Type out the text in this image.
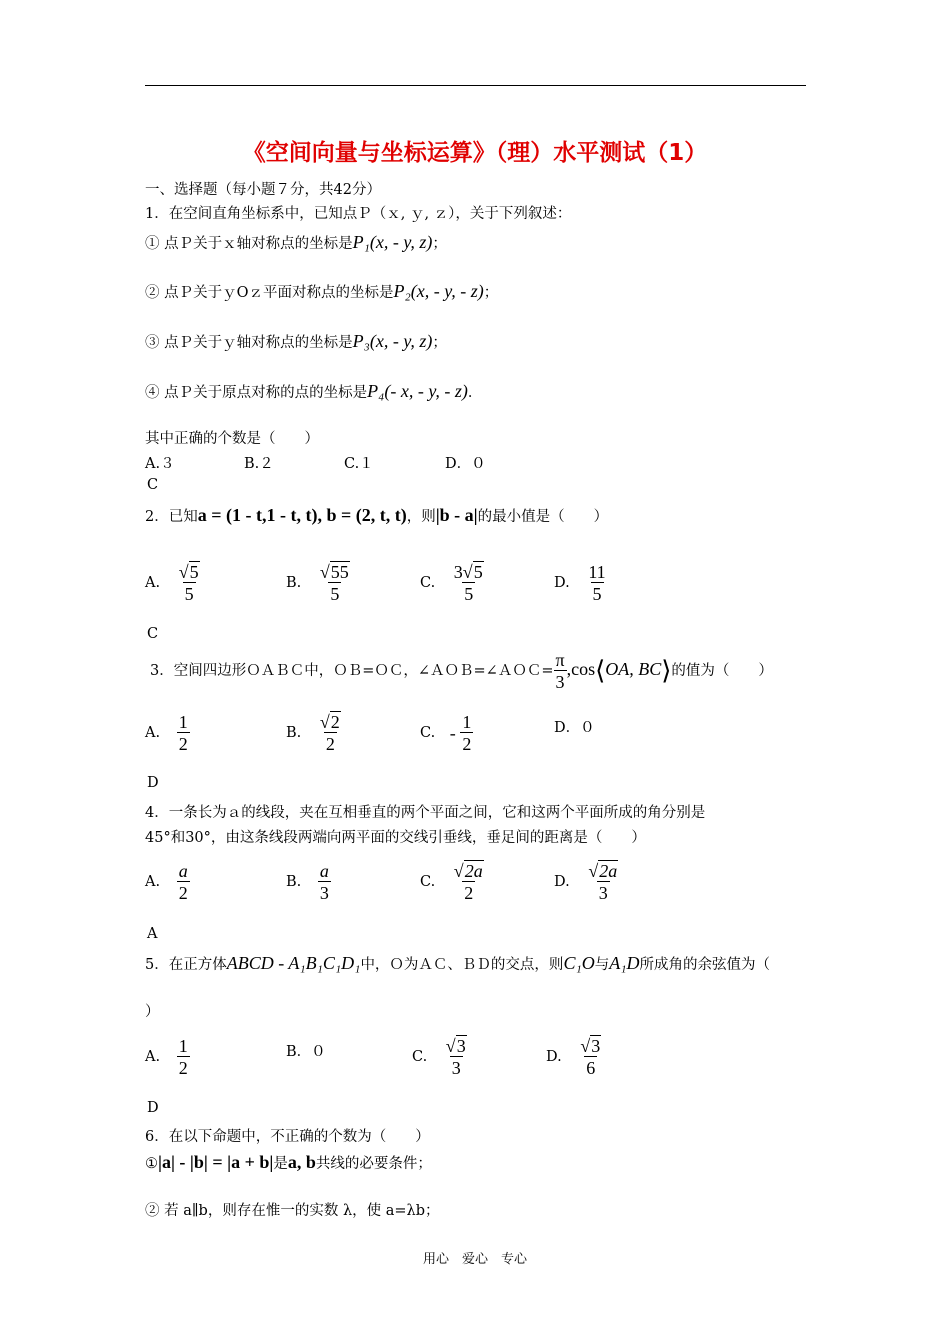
《空间向量与坐标运算》（理）水平测试（1）
一、选择题（每小题７分，共42分）
1．在空间直角坐标系中，已知点Ｐ（ｘ, ｙ, ｚ），关于下列叙述：
① 点Ｐ关于ｘ轴对称点的坐标是P₁(x, - y, z)；
② 点Ｐ关于ｙOｚ平面对称点的坐标是P₂(x, - y, - z)；
③ 点Ｐ关于ｙ轴对称点的坐标是P₃(x, - y, z)；
④ 点Ｐ关于原点对称的点的坐标是P₄(- x, - y, - z)．
其中正确的个数是（　　）
A.３	B.２	C.１	D．０
C
2．已知a = (1 - t,1 - t, t), b = (2, t, t)，则|b - a|的最小值是（　　）
A. $\frac{√5}{5}$	B. $\frac{√55}{5}$	C. $\frac{3√5}{5}$	D. $\frac{11}{5}$
C
3．空间四边形ＯＡＢＣ中，ＯＢ=ＯＣ，∠ＡＯＢ=∠ＡＯＣ= $\frac{\pi}{3}$ ,cos⟨OA, BC⟩的值为（　　）
A. $\frac{1}{2}$	B. $\frac{√2}{2}$	C. - $\frac{1}{2}$	D．０
D
4．一条长为ａ的线段，夹在互相垂直的两个平面之间，它和这两个平面所成的角分别是
45°和30°，由这条线段两端向两平面的交线引垂线，垂足间的距离是（　　）
A. $\frac{a}{2}$	B. $\frac{a}{3}$	C. $\frac{√2a}{2}$	D. $\frac{√2a}{3}$
A
5．在正方体ABCD - A₁B₁C₁D₁中，Ｏ为ＡＣ、ＢＤ的交点，则C₁O与A₁D所成角的余弦值为（
）
A. $\frac{1}{2}$	B．０	C. $\frac{√3}{3}$	D. $\frac{√3}{6}$
D
6．在以下命题中，不正确的个数为（　　）
①|a| - |b| = |a + b|是a, b共线的必要条件；
② 若 a∥b，则存在惟一的实数 λ，使 a=λb；
用心　爱心　专心
